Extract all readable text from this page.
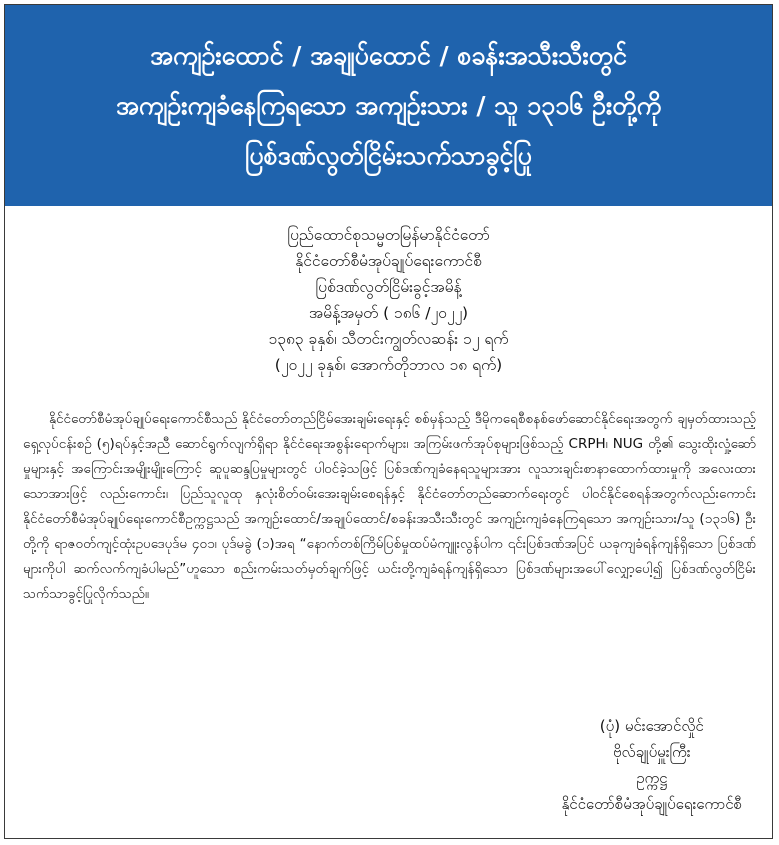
အကျဉ်းထောင် / အချုပ်ထောင် / စခန်းအသီးသီးတွင်
အကျဉ်းကျခံနေကြရသော အကျဉ်းသား / သူ ၁၃၁၆ ဦးတို့ကို
ပြစ်ဒဏ်လွတ်ငြိမ်းသက်သာခွင့်ပြု
ပြည်ထောင်စုသမ္မတမြန်မာနိုင်ငံတော်
နိုင်ငံတော်စီမံအုပ်ချုပ်ရေးကောင်စီ
ပြစ်ဒဏ်လွတ်ငြိမ်းခွင့်အမိန့်
အမိန့်အမှတ် ( ၁၈၆ /၂၀၂၂)
၁၃၈၃ ခုနှစ်၊ သီတင်းကျွတ်လဆန်း ၁၂ ရက်
(၂၀၂၂ ခုနှစ်၊ အောက်တိုဘာလ ၁၈ ရက်)

နိုင်ငံတော်စီမံအုပ်ချုပ်ရေးကောင်စီသည် နိုင်ငံတော်တည်ငြိမ်အေးချမ်းရေးနှင့် စစ်မှန်သည့် ဒီမိုကရေစီစနစ်ဖော်ဆောင်နိုင်ရေးအတွက် ချမှတ်ထားသည့် ရှေ့လုပ်ငန်းစဉ် (၅)ရပ်နှင့်အညီ ဆောင်ရွက်လျက်ရှိရာ နိုင်ငံရေးအစွန်းရောက်များ၊ အကြမ်းဖက်အုပ်စုများဖြစ်သည့် CRPH၊ NUG တို့၏ သွေးထိုးလှုံ့ဆော်မှုများနှင့် အကြောင်းအမျိုးမျိုးကြောင့် ဆူပူဆန္ဒပြမှုများတွင် ပါဝင်ခဲ့သဖြင့် ပြစ်ဒဏ်ကျခံနေရသူများအား လူသားချင်းစာနာထောက်ထားမှုကို အလေးထားသောအားဖြင့် လည်းကောင်း၊ ပြည်သူလူထု နှလုံးစိတ်ဝမ်းအေးချမ်းစေရန်နှင့် နိုင်ငံတော်တည်ဆောက်ရေးတွင် ပါဝင်နိုင်စေရန်အတွက်လည်းကောင်း နိုင်ငံတော်စီမံအုပ်ချုပ်ရေးကောင်စီဥက္ကဋ္ဌသည် အကျဉ်းထောင်/အချုပ်ထောင်/စခန်းအသီးသီးတွင် အကျဉ်းကျခံနေကြရသော အကျဉ်းသား/သူ (၁၃၁၆) ဦးတို့ကို ရာဇဝတ်ကျင့်ထုံးဥပဒေပုဒ်မ ၄၀၁၊ ပုဒ်မခွဲ (၁)အရ “နောက်တစ်ကြိမ်ပြစ်မှုထပ်မံကျူးလွန်ပါက ၎င်းပြစ်ဒဏ်အပြင် ယခုကျခံရန်ကျန်ရှိသော ပြစ်ဒဏ်များကိုပါ ဆက်လက်ကျခံပါမည်”ဟူသော စည်းကမ်းသတ်မှတ်ချက်ဖြင့် ယင်းတို့ကျခံရန်ကျန်ရှိသော ပြစ်ဒဏ်များအပေါ်လျှော့ပေါ့၍ ပြစ်ဒဏ်လွတ်ငြိမ်းသက်သာခွင့်ပြုလိုက်သည်။

(ပုံ) မင်းအောင်လှိုင်
ဗိုလ်ချုပ်မှူးကြီး
ဥက္ကဋ္ဌ
နိုင်ငံတော်စီမံအုပ်ချုပ်ရေးကောင်စီ
